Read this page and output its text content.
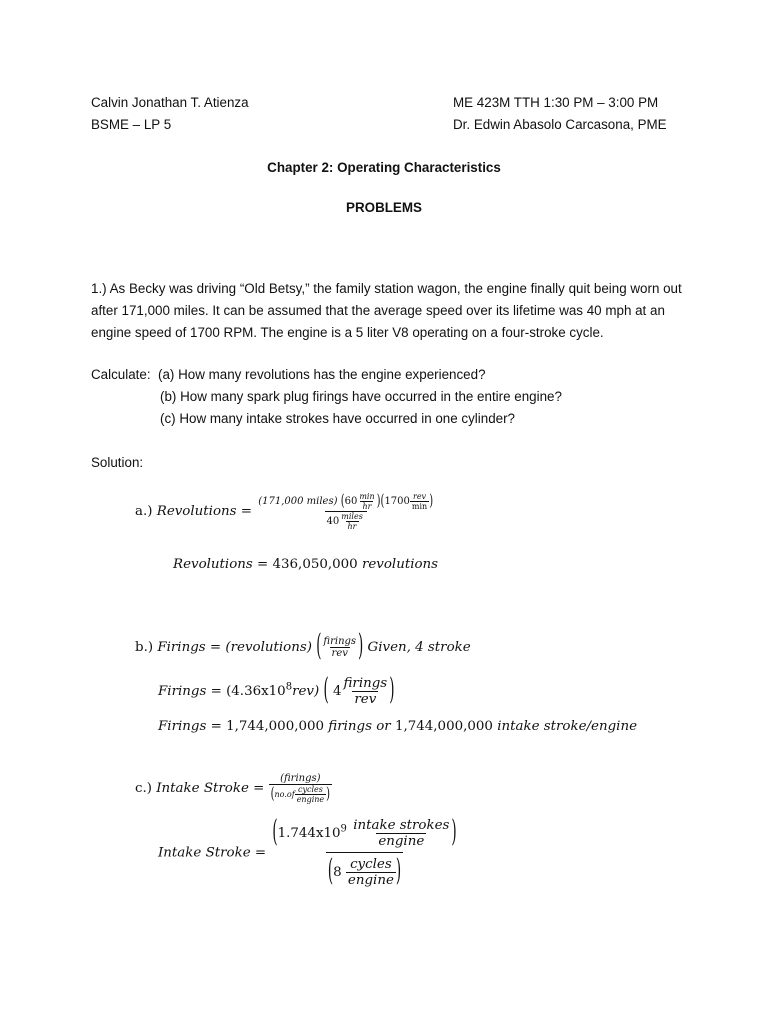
Calvin Jonathan T. Atienza
BSME – LP 5
ME 423M TTH 1:30 PM – 3:00 PM
Dr. Edwin Abasolo Carcasona, PME
Chapter 2: Operating Characteristics
PROBLEMS

1.) As Becky was driving “Old Betsy,” the family station wagon, the engine finally quit being worn out after 171,000 miles. It can be assumed that the average speed over its lifetime was 40 mph at an engine speed of 1700 RPM. The engine is a 5 liter V8 operating on a four-stroke cycle.

Calculate: (a) How many revolutions has the engine experienced?
(b) How many spark plug firings have occurred in the entire engine?
(c) How many intake strokes have occurred in one cylinder?
Solution:
a.) Revolutions = $\frac{(171,000 miles) (60 \frac{\min}{hr} )(1700 \frac{\text{rev}}{\min} )}{40 \frac{\text{miles}}{hr}}$
Revolutions = 436,050,000 revolutions
b.) Firings = (revolutions) ( $\frac{\text{firings}}{\text{rev}}$ ) Given, 4 stroke
Firings = $(4.36x10^8rev)$ ( $4 \frac{\text{firings}}{\text{rev}}$ )
Firings = 1,744,000,000 firings or 1,744,000,000 intake stroke/engine
c.) Intake Stroke = $\frac{\text{(firings)}}{(no.of \frac{\text{cycles}}{\text{engine}} )}$
Intake Stroke = $\frac{(1.744x10^9 \frac{\text{intake strokes}}{\text{engine}} )}{(8 \frac{\text{cycles}}{\text{engine}} )}$
